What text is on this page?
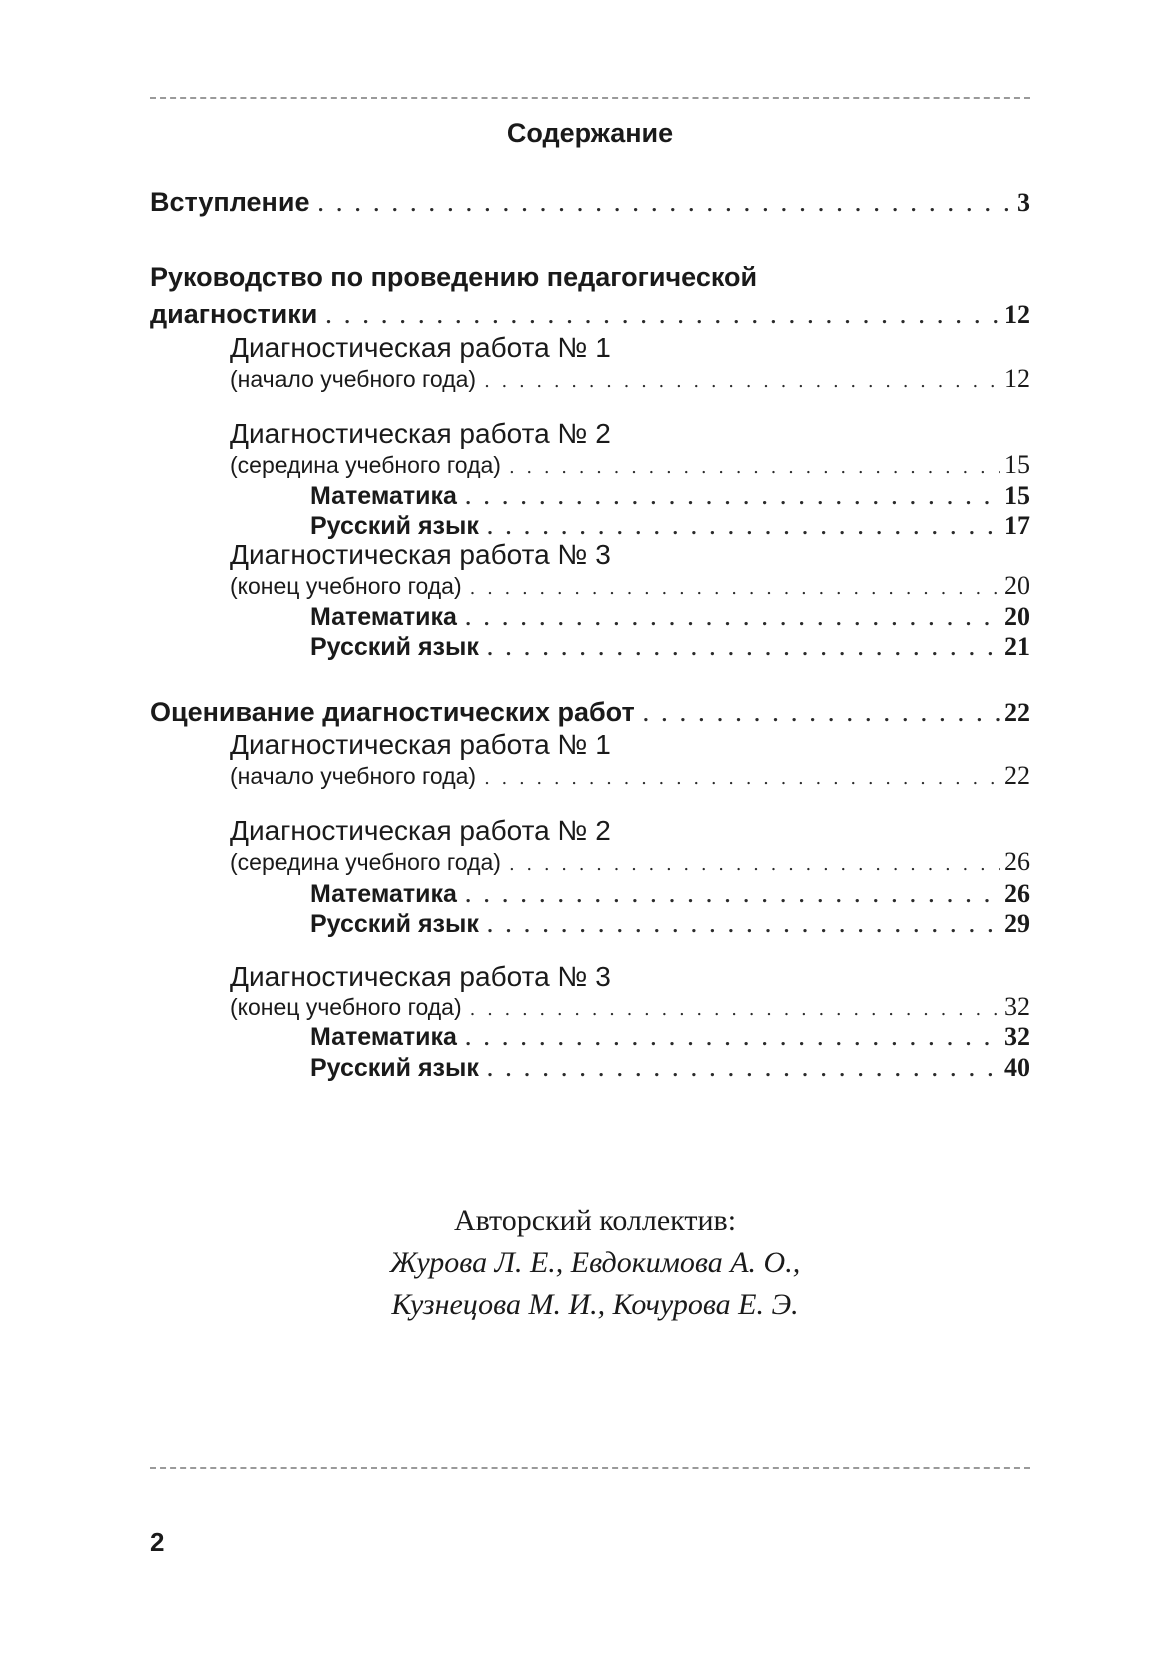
Содержание
Вступление . . .	3
Руководство по проведению педагогической
диагностики . . .	12
Диагностическая работа № 1
(начало учебного года) . . .	12
Диагностическая работа № 2
(середина учебного года) . . .	15
Математика . . .	15
Русский язык . . .	17
Диагностическая работа № 3
(конец учебного года) . . .	20
Математика . . .	20
Русский язык . . .	21
Оценивание диагностических работ . . .	22
Диагностическая работа № 1
(начало учебного года) . . .	22
Диагностическая работа № 2
(середина учебного года) . . .	26
Математика . . .	26
Русский язык . . .	29
Диагностическая работа № 3
(конец учебного года) . . .	32
Математика . . .	32
Русский язык . . .	40
Авторский коллектив:
Журова Л. Е., Евдокимова А. О.,
Кузнецова М. И., Кочурова Е. Э.
2
